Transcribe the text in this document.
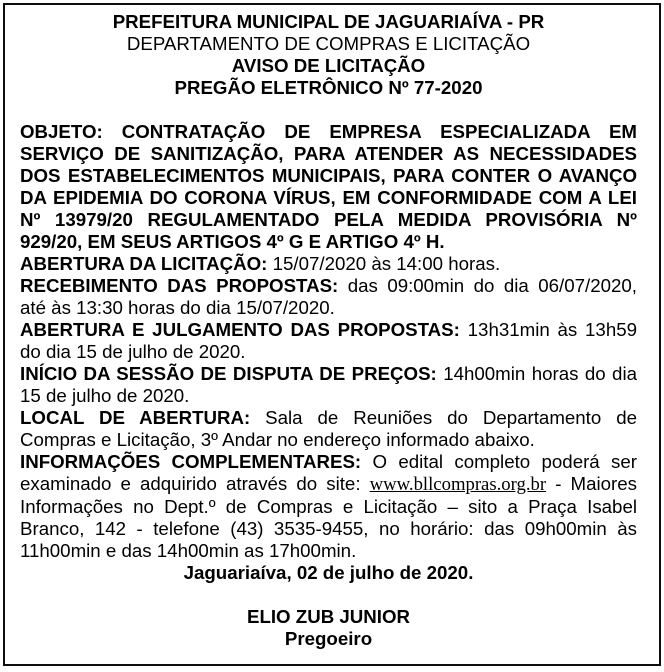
PREFEITURA MUNICIPAL DE JAGUARIAÍVA - PR
DEPARTAMENTO DE COMPRAS E LICITAÇÃO
AVISO DE LICITAÇÃO
PREGÃO ELETRÔNICO Nº 77-2020

OBJETO: CONTRATAÇÃO DE EMPRESA ESPECIALIZADA EM SERVIÇO DE SANITIZAÇÃO, PARA ATENDER AS NECESSIDADES DOS ESTABELECIMENTOS MUNICIPAIS, PARA CONTER O AVANÇO DA EPIDEMIA DO CORONA VÍRUS, EM CONFORMIDADE COM A LEI Nº 13979/20 REGULAMENTADO PELA MEDIDA PROVISÓRIA Nº 929/20, EM SEUS ARTIGOS 4º G E ARTIGO 4º H.

ABERTURA DA LICITAÇÃO: 15/07/2020 às 14:00 horas.

RECEBIMENTO DAS PROPOSTAS: das 09:00min do dia 06/07/2020, até às 13:30 horas do dia 15/07/2020.

ABERTURA E JULGAMENTO DAS PROPOSTAS: 13h31min às 13h59 do dia 15 de julho de 2020.

INÍCIO DA SESSÃO DE DISPUTA DE PREÇOS: 14h00min horas do dia 15 de julho de 2020.

LOCAL DE ABERTURA: Sala de Reuniões do Departamento de Compras e Licitação, 3º Andar no endereço informado abaixo.

INFORMAÇÕES COMPLEMENTARES: O edital completo poderá ser examinado e adquirido através do site: www.bllcompras.org.br - Maiores Informações no Dept.º de Compras e Licitação – sito a Praça Isabel Branco, 142 - telefone (43) 3535-9455, no horário: das 09h00min às 11h00min e das 14h00min as 17h00min.

Jaguariaíva, 02 de julho de 2020.

ELIO ZUB JUNIOR
Pregoeiro
